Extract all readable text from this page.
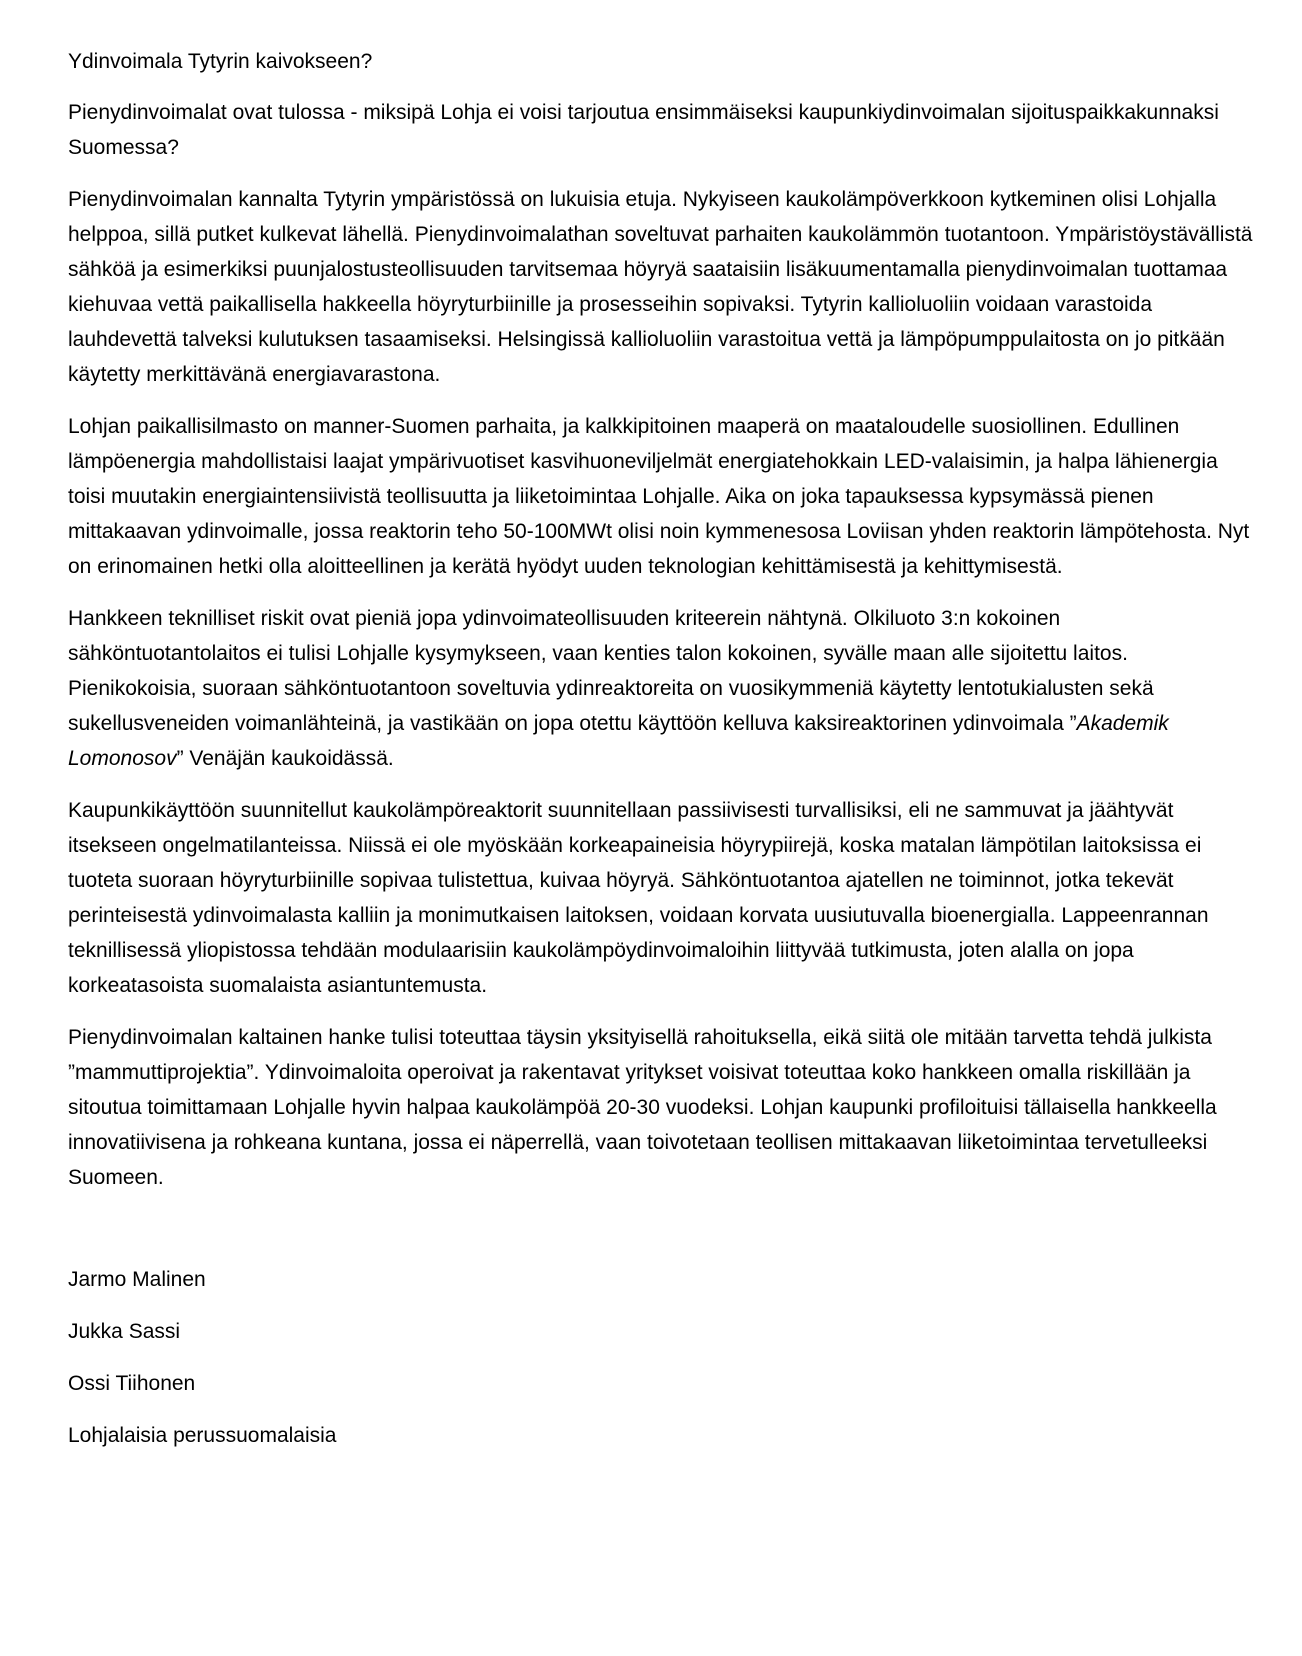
Ydinvoimala Tytyrin kaivokseen?

Pienydinvoimalat ovat tulossa - miksipä Lohja ei voisi tarjoutua ensimmäiseksi kaupunkiydinvoimalan sijoituspaikkakunnaksi Suomessa?

Pienydinvoimalan kannalta Tytyrin ympäristössä on lukuisia etuja. Nykyiseen kaukolämpöverkkoon kytkeminen olisi Lohjalla helppoa, sillä putket kulkevat lähellä. Pienydinvoimalathan soveltuvat parhaiten kaukolämmön tuotantoon. Ympäristöystävällistä sähköä ja esimerkiksi puunjalostusteollisuuden tarvitsemaa höyryä saataisiin lisäkuumentamalla pienydinvoimalan tuottamaa kiehuvaa vettä paikallisella hakkeella höyryturbiinille ja prosesseihin sopivaksi. Tytyrin kallioluoliin voidaan varastoida lauhdevettä talveksi kulutuksen tasaamiseksi. Helsingissä kallioluoliin varastoitua vettä ja lämpöpumppulaitosta on jo pitkään käytetty merkittävänä energiavarastona.

Lohjan paikallisilmasto on manner-Suomen parhaita, ja kalkkipitoinen maaperä on maataloudelle suosiollinen. Edullinen lämpöenergia mahdollistaisi laajat ympärivuotiset kasvihuoneviljelmät energiatehokkain LED-valaisimin, ja halpa lähienergia toisi muutakin energiaintensiivistä teollisuutta ja liiketoimintaa Lohjalle. Aika on joka tapauksessa kypsymässä pienen mittakaavan ydinvoimalle, jossa reaktorin teho 50-100MWt olisi noin kymmenesosa Loviisan yhden reaktorin lämpötehosta. Nyt on erinomainen hetki olla aloitteellinen ja kerätä hyödyt uuden teknologian kehittämisestä ja kehittymisestä.

Hankkeen teknilliset riskit ovat pieniä jopa ydinvoimateollisuuden kriteerein nähtynä. Olkiluoto 3:n kokoinen sähköntuotantolaitos ei tulisi Lohjalle kysymykseen, vaan kenties talon kokoinen, syvälle maan alle sijoitettu laitos. Pienikokoisia, suoraan sähköntuotantoon soveltuvia ydinreaktoreita on vuosikymmeniä käytetty lentotukialusten sekä sukellusveneiden voimanlähteinä, ja vastikään on jopa otettu käyttöön kelluva kaksireaktorinen ydinvoimala ”Akademik Lomonosov” Venäjän kaukoidässä.

Kaupunkikäyttöön suunnitellut kaukolämpöreaktorit suunnitellaan passiivisesti turvallisiksi, eli ne sammuvat ja jäähtyvät itsekseen ongelmatilanteissa. Niissä ei ole myöskään korkeapaineisia höyrypiirejä, koska matalan lämpötilan laitoksissa ei tuoteta suoraan höyryturbiinille sopivaa tulistettua, kuivaa höyryä. Sähköntuotantoa ajatellen ne toiminnot, jotka tekevät perinteisestä ydinvoimalasta kalliin ja monimutkaisen laitoksen, voidaan korvata uusiutuvalla bioenergialla. Lappeenrannan teknillisessä yliopistossa tehdään modulaarisiin kaukolämpöydinvoimaloihin liittyvää tutkimusta, joten alalla on jopa korkeatasoista suomalaista asiantuntemusta.

Pienydinvoimalan kaltainen hanke tulisi toteuttaa täysin yksityisellä rahoituksella, eikä siitä ole mitään tarvetta tehdä julkista ”mammuttiprojektia”. Ydinvoimaloita operoivat ja rakentavat yritykset voisivat toteuttaa koko hankkeen omalla riskillään ja sitoutua toimittamaan Lohjalle hyvin halpaa kaukolämpöä 20-30 vuodeksi. Lohjan kaupunki profiloituisi tällaisella hankkeella innovatiivisena ja rohkeana kuntana, jossa ei näperrellä, vaan toivotetaan teollisen mittakaavan liiketoimintaa tervetulleeksi Suomeen.

Jarmo Malinen

Jukka Sassi

Ossi Tiihonen

Lohjalaisia perussuomalaisia
